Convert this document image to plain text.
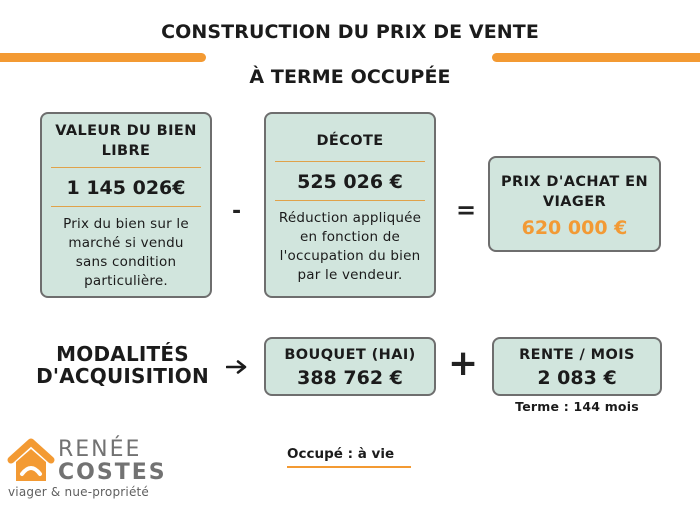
CONSTRUCTION DU PRIX DE VENTE
À TERME OCCUPÉE
VALEUR DU BIEN
LIBRE
1 145 026€
Prix du bien sur le
marché si vendu
sans condition
particulière.
-
DÉCOTE
525 026 €
Réduction appliquée
en fonction de
l'occupation du bien
par le vendeur.
=
PRIX D'ACHAT EN
VIAGER
620 000 €
MODALITÉS
D'ACQUISITION
BOUQUET (HAI)
388 762 €	+	RENTE / MOIS
2 083 €
Terme : 144 mois
Occupé : à vie
RENÉE
COSTES
viager & nue-propriété
